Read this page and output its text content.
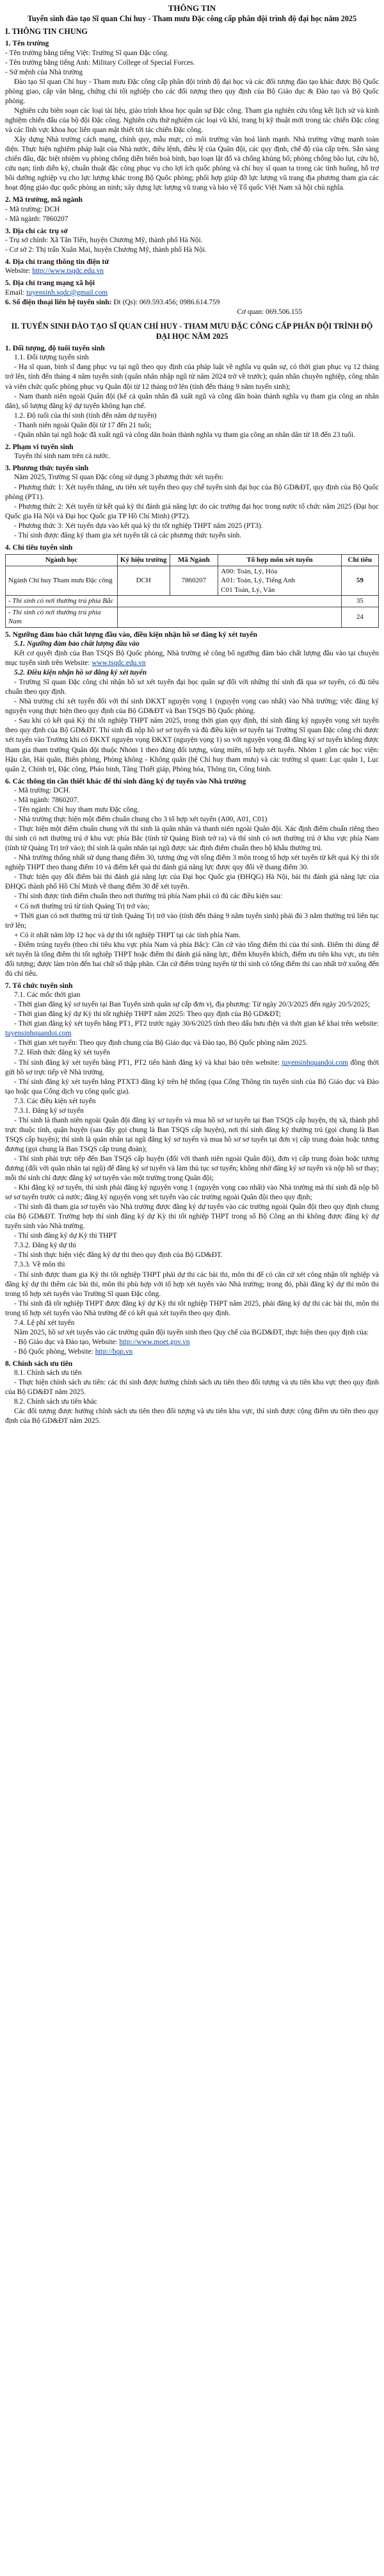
THÔNG TIN

Tuyển sinh đào tạo Sĩ quan Chỉ huy - Tham mưu Đặc công cấp phân đội trình độ đại học năm 2025

I. THÔNG TIN CHUNG
1. Tên trường

- Tên trường bằng tiếng Việt: Trường Sĩ quan Đặc công.

- Tên trường bằng tiếng Anh: Military College of Special Forces.

- Sứ mệnh của Nhà trường

Đào tạo Sĩ quan Chỉ huy - Tham mưu Đặc công cấp phân đội trình độ đại học và các đối tượng đào tạo khác được Bộ Quốc phòng giao, cấp văn bằng, chứng chỉ tốt nghiệp cho các đối tượng theo quy định của Bộ Giáo dục & Đào tạo và Bộ Quốc phòng.

Nghiên cứu biên soạn các loại tài liệu, giáo trình khoa học quân sự Đặc công. Tham gia nghiên cứu tổng kết lịch sử và kinh nghiệm chiến đấu của bộ đội Đặc công. Nghiên cứu thử nghiệm các loại vũ khí, trang bị kỹ thuật mới trong tác chiến Đặc công và các lĩnh vực khoa học liên quan mật thiết tới tác chiến Đặc công.

Xây dựng Nhà trường cách mạng, chính quy, mẫu mực, có môi trường văn hoá lành mạnh. Nhà trường vững mạnh toàn diện. Thực hiện nghiêm pháp luật của Nhà nước, điều lệnh, điều lệ của Quân đội, các quy định, chế độ của cấp trên. Sẵn sàng chiến đấu, đặc biệt nhiệm vụ phòng chống diễn biến hoà bình, bạo loạn lật đổ và chống khủng bố; phòng chống bão lụt, cứu hộ, cứu nạn; tình diễn kỷ, chuẩn thuật đặc công phục vụ cho lợi ích quốc phòng và chỉ huy sĩ quan ta trong các tình huống, hỗ trợ bồi dưỡng nghiệp vụ cho lực lượng khác trong Bộ Quốc phòng; phối hợp giúp đỡ lực lượng vũ trang địa phương tham gia các hoạt động giáo dục quốc phòng an ninh; xây dựng lực lượng vũ trang và bảo vệ Tổ quốc Việt Nam xã hội chủ nghĩa.

2. Mã trường, mã ngành

- Mã trường: DCH

- Mã ngành: 7860207

3. Địa chỉ các trụ sở

- Trụ sở chính: Xã Tân Tiến, huyện Chương Mỹ, thành phố Hà Nội.

- Cơ sở 2: Thị trấn Xuân Mai, huyện Chương Mỹ, thành phố Hà Nội.

4. Địa chỉ trang thông tin điện tử

Website: http://www.tsqdc.edu.vn

5. Địa chỉ trang mạng xã hội

Email: tuyensinh.sqdc@gmail.com

6. Số điện thoại liên hệ tuyển sinh: Đt (Qs): 069.593.456; 0986.614.759

Cơ quan: 069.506.155

II. TUYỂN SINH ĐÀO TẠO SĨ QUAN CHỈ HUY - THAM MƯU ĐẶC CÔNG CẤP PHÂN ĐỘI TRÌNH ĐỘ ĐẠI HỌC NĂM 2025

1. Đối tượng, độ tuổi tuyển sinh

1.1. Đối tượng tuyển sinh

- Hạ sĩ quan, binh sĩ đang phục vụ tại ngũ theo quy định của pháp luật về nghĩa vụ quân sự, có thời gian phục vụ 12 tháng trở lên, tính đến tháng 4 năm tuyển sinh (quân nhân nhập ngũ từ năm 2024 trở về trước); quân nhân chuyên nghiệp, công nhân và viên chức quốc phòng phục vụ Quân đội từ 12 tháng trở lên (tính đến tháng 9 năm tuyển sinh);

- Nam thanh niên ngoài Quân đội (kể cả quân nhân đã xuất ngũ và công dân hoàn thành nghĩa vụ tham gia công an nhân dân), số lượng đăng ký dự tuyển không hạn chế.

1.2. Độ tuổi của thí sinh (tính đến năm dự tuyển)

- Thanh niên ngoài Quân đội từ 17 đến 21 tuổi;

- Quân nhân tại ngũ hoặc đã xuất ngũ và công dân hoàn thành nghĩa vụ tham gia công an nhân dân từ 18 đến 23 tuổi.

2. Phạm vi tuyển sinh

Tuyển thí sinh nam trên cả nước.

3. Phương thức tuyển sinh

Năm 2025, Trường Sĩ quan Đặc công sử dụng 3 phương thức xét tuyển:

- Phương thức 1: Xét tuyển thẳng, ưu tiên xét tuyển theo quy chế tuyển sinh đại học của Bộ GD&ĐT, quy định của Bộ Quốc phòng (PT1).

- Phương thức 2: Xét tuyển từ kết quả kỳ thi đánh giá năng lực do các trường đại học trong nước tổ chức năm 2025 (Đại học Quốc gia Hà Nội và Đại học Quốc gia TP Hồ Chí Minh) (PT2).

- Phương thức 3: Xét tuyển dựa vào kết quả kỳ thi tốt nghiệp THPT năm 2025 (PT3).

- Thí sinh được đăng ký tham gia xét tuyển tất cả các phương thức tuyển sinh.

4. Chỉ tiêu tuyển sinh
Ngành học	Ký hiệu trường	Mã Ngành	Tổ hợp môn xét tuyển	Chỉ tiêu
Ngành Chỉ huy Tham mưu Đặc công	DCH	7860207	A00: Toán, Lý, Hóa
A01: Toán, Lý, Tiếng Anh
C01 Toán, Lý, Văn	59
- Thí sinh có nơi thường trú phía Bắc				35
- Thí sinh có nơi thường trú phía Nam				24
5. Ngưỡng đảm bảo chất lượng đầu vào, điều kiện nhận hồ sơ đăng ký xét tuyển

5.1. Ngưỡng đảm bảo chất lượng đầu vào

Kết cơ quyết định của Ban TSQS Bộ Quốc phòng, Nhà trường sẽ công bố ngưỡng đảm bảo chất lượng đầu vào tại chuyên mục tuyển sinh trên Website: www.tsqdc.edu.vn

5.2. Điều kiện nhận hồ sơ đăng ký xét tuyển

- Trường Sĩ quan Đặc công chỉ nhận hồ sơ xét tuyển đại học quân sự đối với những thí sinh đã qua sơ tuyển, có đủ tiêu chuẩn theo quy định.

- Nhà trường chỉ xét tuyển đối với thí sinh ĐKXT nguyện vọng 1 (nguyện vọng cao nhất) vào Nhà trường; việc đăng ký nguyện vọng thực hiện theo quy định của Bộ GD&ĐT và Ban TSQS Bộ Quốc phòng.

- Sau khi có kết quả Kỳ thi tốt nghiệp THPT năm 2025, trong thời gian quy định, thí sinh đăng ký nguyện vọng xét tuyển theo quy định của Bộ GD&ĐT. Thí sinh đã nộp hồ sơ sơ tuyển và đủ điều kiện sơ tuyển tại Trường Sĩ quan Đặc công chỉ được xét tuyển vào Trường khi có ĐKXT nguyện vọng ĐKXT (nguyện vọng 1) so với nguyện vọng đã đăng ký sơ tuyển không được tham gia tham trường Quân đội thuộc Nhóm 1 theo đúng đối tượng, vùng miền, tổ hợp xét tuyển. Nhóm 1 gồm các học viện: Hậu cần, Hải quân, Biên phòng, Phòng không - Không quân (hệ Chỉ huy tham mưu) và các trường sĩ quan: Lục quân 1, Lục quân 2, Chính trị, Đặc công, Pháo binh, Tăng Thiết giáp, Phòng hóa, Thông tin, Công binh.

6. Các thông tin cần thiết khác để thí sinh đăng ký dự tuyển vào Nhà trường

- Mã trường: DCH.

- Mã ngành: 7860207.

- Tên ngành: Chỉ huy tham mưu Đặc công.

- Nhà trường thực hiện một điểm chuẩn chung cho 3 tổ hợp xét tuyển (A00, A01, C01)

- Thực hiện một điểm chuẩn chung với thí sinh là quân nhân và thanh niên ngoài Quân đội. Xác định điểm chuẩn riêng theo thí sinh có nơi thường trú ở khu vực phía Bắc (tính từ Quảng Bình trở ra) và thí sinh có nơi thường trú ở khu vực phía Nam (tính từ Quảng Trị trở vào); thí sinh là quân nhân tại ngũ được xác định điểm chuẩn theo hộ khẩu thường trú.

- Nhà trường thống nhất sử dụng thang điểm 30, tương ứng với tổng điểm 3 môn trong tổ hợp xét tuyển từ kết quả Kỳ thi tốt nghiệp THPT theo thang điểm 10 và điểm kết quả thi đánh giá năng lực được quy đổi về thang điểm 30.

- Thực hiện quy đổi điểm bài thi đánh giá năng lực của Đại học Quốc gia (ĐHQG) Hà Nội, bài thi đánh giá năng lực của ĐHQG thành phố Hồ Chí Minh về thang điểm 30 để xét tuyển.

- Thí sinh được tính điểm chuẩn theo nơi thường trú phía Nam phải có đủ các điều kiện sau:

+ Có nơi thường trú từ tỉnh Quảng Trị trở vào;

+ Thời gian có nơi thường trú từ tỉnh Quảng Trị trở vào (tính đến tháng 9 năm tuyển sinh) phải đủ 3 năm thường trú liên tục trở lên;

+ Có ít nhất năm lớp 12 học và dự thi tốt nghiệp THPT tại các tỉnh phía Nam.

- Điểm trúng tuyển (theo chỉ tiêu khu vực phía Nam và phía Bắc): Căn cứ vào tổng điểm thi của thí sinh. Điểm thi dùng để xét tuyển là tổng điểm thi tốt nghiệp THPT hoặc điểm thi đánh giá năng lực, điểm khuyến khích, điểm ưu tiên khu vực, ưu tiên đối tượng; được làm tròn đến hai chữ số thập phân. Căn cứ điểm trúng tuyển từ thí sinh có tổng điểm thi cao nhất trở xuống đến đủ chỉ tiêu.

7. Tổ chức tuyển sinh

7.1. Các mốc thời gian

- Thời gian đăng ký sơ tuyển tại Ban Tuyển sinh quân sự cấp đơn vị, địa phương: Từ ngày 20/3/2025 đến ngày 20/5/2025;

- Thời gian đăng ký dự Kỳ thi tốt nghiệp THPT năm 2025: Theo quy định của Bộ GD&ĐT;

- Thời gian đăng ký xét tuyển bằng PT1, PT2 trước ngày 30/6/2025 tính theo dấu bưu điện và thời gian kế khai trên website: tuyensinhquandoi.com

- Thời gian xét tuyển: Theo quy định chung của Bộ Giáo dục và Đào tạo, Bộ Quốc phòng năm 2025.

7.2. Hình thức đăng ký xét tuyển

- Thí sinh đăng ký xét tuyển bằng PT1, PT2 tiến hành đăng ký và khai báo trên website: tuyensinhquandoi.com đồng thời gửi hồ sơ trực tiếp về Nhà trường.

- Thí sinh đăng ký xét tuyển bằng PTXT3 đăng ký trên hệ thống (qua Cổng Thông tin tuyển sinh của Bộ Giáo dục và Đào tạo hoặc qua Cổng dịch vụ công quốc gia).

7.3. Các điều kiện xét tuyển

7.3.1. Đăng ký sơ tuyển

- Thí sinh là thanh niên ngoài Quân đội đăng ký sơ tuyển và mua hồ sơ sơ tuyển tại Ban TSQS cấp huyện, thị xã, thành phố trực thuộc tỉnh, quận huyện (sau đây gọi chung là Ban TSQS cấp huyện), nơi thí sinh đăng ký thường trú (gọi chung là Ban TSQS cấp huyện); thí sinh là quân nhân tại ngũ đăng ký sơ tuyển và mua hồ sơ sơ tuyển tại đơn vị cấp trung đoàn hoặc tương đương (gọi chung là Ban TSQS cấp trung đoàn);

- Thí sinh phải trực tiếp đến Ban TSQS cấp huyện (đối với thanh niên ngoài Quân đội), đơn vị cấp trung đoàn hoặc tương đương (đối với quân nhân tại ngũ) để đăng ký sơ tuyển và làm thủ tục sơ tuyển; không nhờ đăng ký sơ tuyển và nộp hồ sơ thay; mỗi thí sinh chỉ được đăng ký sơ tuyển vào một trường trong Quân đội;

- Khi đăng ký sơ tuyển, thí sinh phải đăng ký nguyện vọng 1 (nguyện vọng cao nhất) vào Nhà trường mà thí sinh đã nộp hồ sơ sơ tuyển trước cả nước; đăng ký nguyện vọng xét tuyển vào các trường ngoài Quân đội theo quy định;

- Thí sinh đã tham gia sơ tuyển vào Nhà trường được đăng ký dự tuyển vào các trường ngoài Quân đội theo quy định chung của Bộ GD&ĐT. Trường hợp thí sinh đăng ký dự Kỳ thi tốt nghiệp THPT trong số Bộ Công an thì không được đăng ký dự tuyển sinh vào Nhà trường.

- Thí sinh đăng ký dự Kỳ thi THPT

7.3.2. Đăng ký dự thi

- Thí sinh thực hiện việc đăng ký dự thi theo quy định của Bộ GD&ĐT.

7.3.3. Về môn thi

- Thí sinh được tham gia Kỳ thi tốt nghiệp THPT phải dự thi các bài thi, môn thi để có căn cứ xét công nhận tốt nghiệp và đăng ký dự thi thêm các bài thi, môn thi phù hợp với tổ hợp xét tuyển vào Nhà trường; trong đó, phải đăng ký dự thi môn thi trong tổ hợp xét tuyển vào Trường Sĩ quan Đặc công.

- Thí sinh đã tốt nghiệp THPT được đăng ký dự Kỳ thi tốt nghiệp THPT năm 2025, phải đăng ký dự thi các bài thi, môn thi trong tổ hợp xét tuyển vào Nhà trường để có kết quả xét tuyển theo quy định.

7.4. Lệ phí xét tuyển

Năm 2025, hồ sơ xét tuyển vào các trường quân đội tuyển sinh theo Quy chế của BGD&ĐT, thực hiện theo quy định của:

- Bộ Giáo dục và Đào tạo, Website: http://www.moet.gov.vn

- Bộ Quốc phòng, Website: http://bqp.vn

8. Chính sách ưu tiên

8.1. Chính sách ưu tiên

- Thực hiện chính sách ưu tiên: các thí sinh được hưởng chính sách ưu tiên theo đối tượng và ưu tiên khu vực theo quy định của Bộ GD&ĐT năm 2025.

8.2. Chính sách ưu tiên khác

Các đối tượng được hưởng chính sách ưu tiên theo đối tượng và ưu tiên khu vực, thí sinh được cộng điểm ưu tiên theo quy định của Bộ GD&ĐT năm 2025.
